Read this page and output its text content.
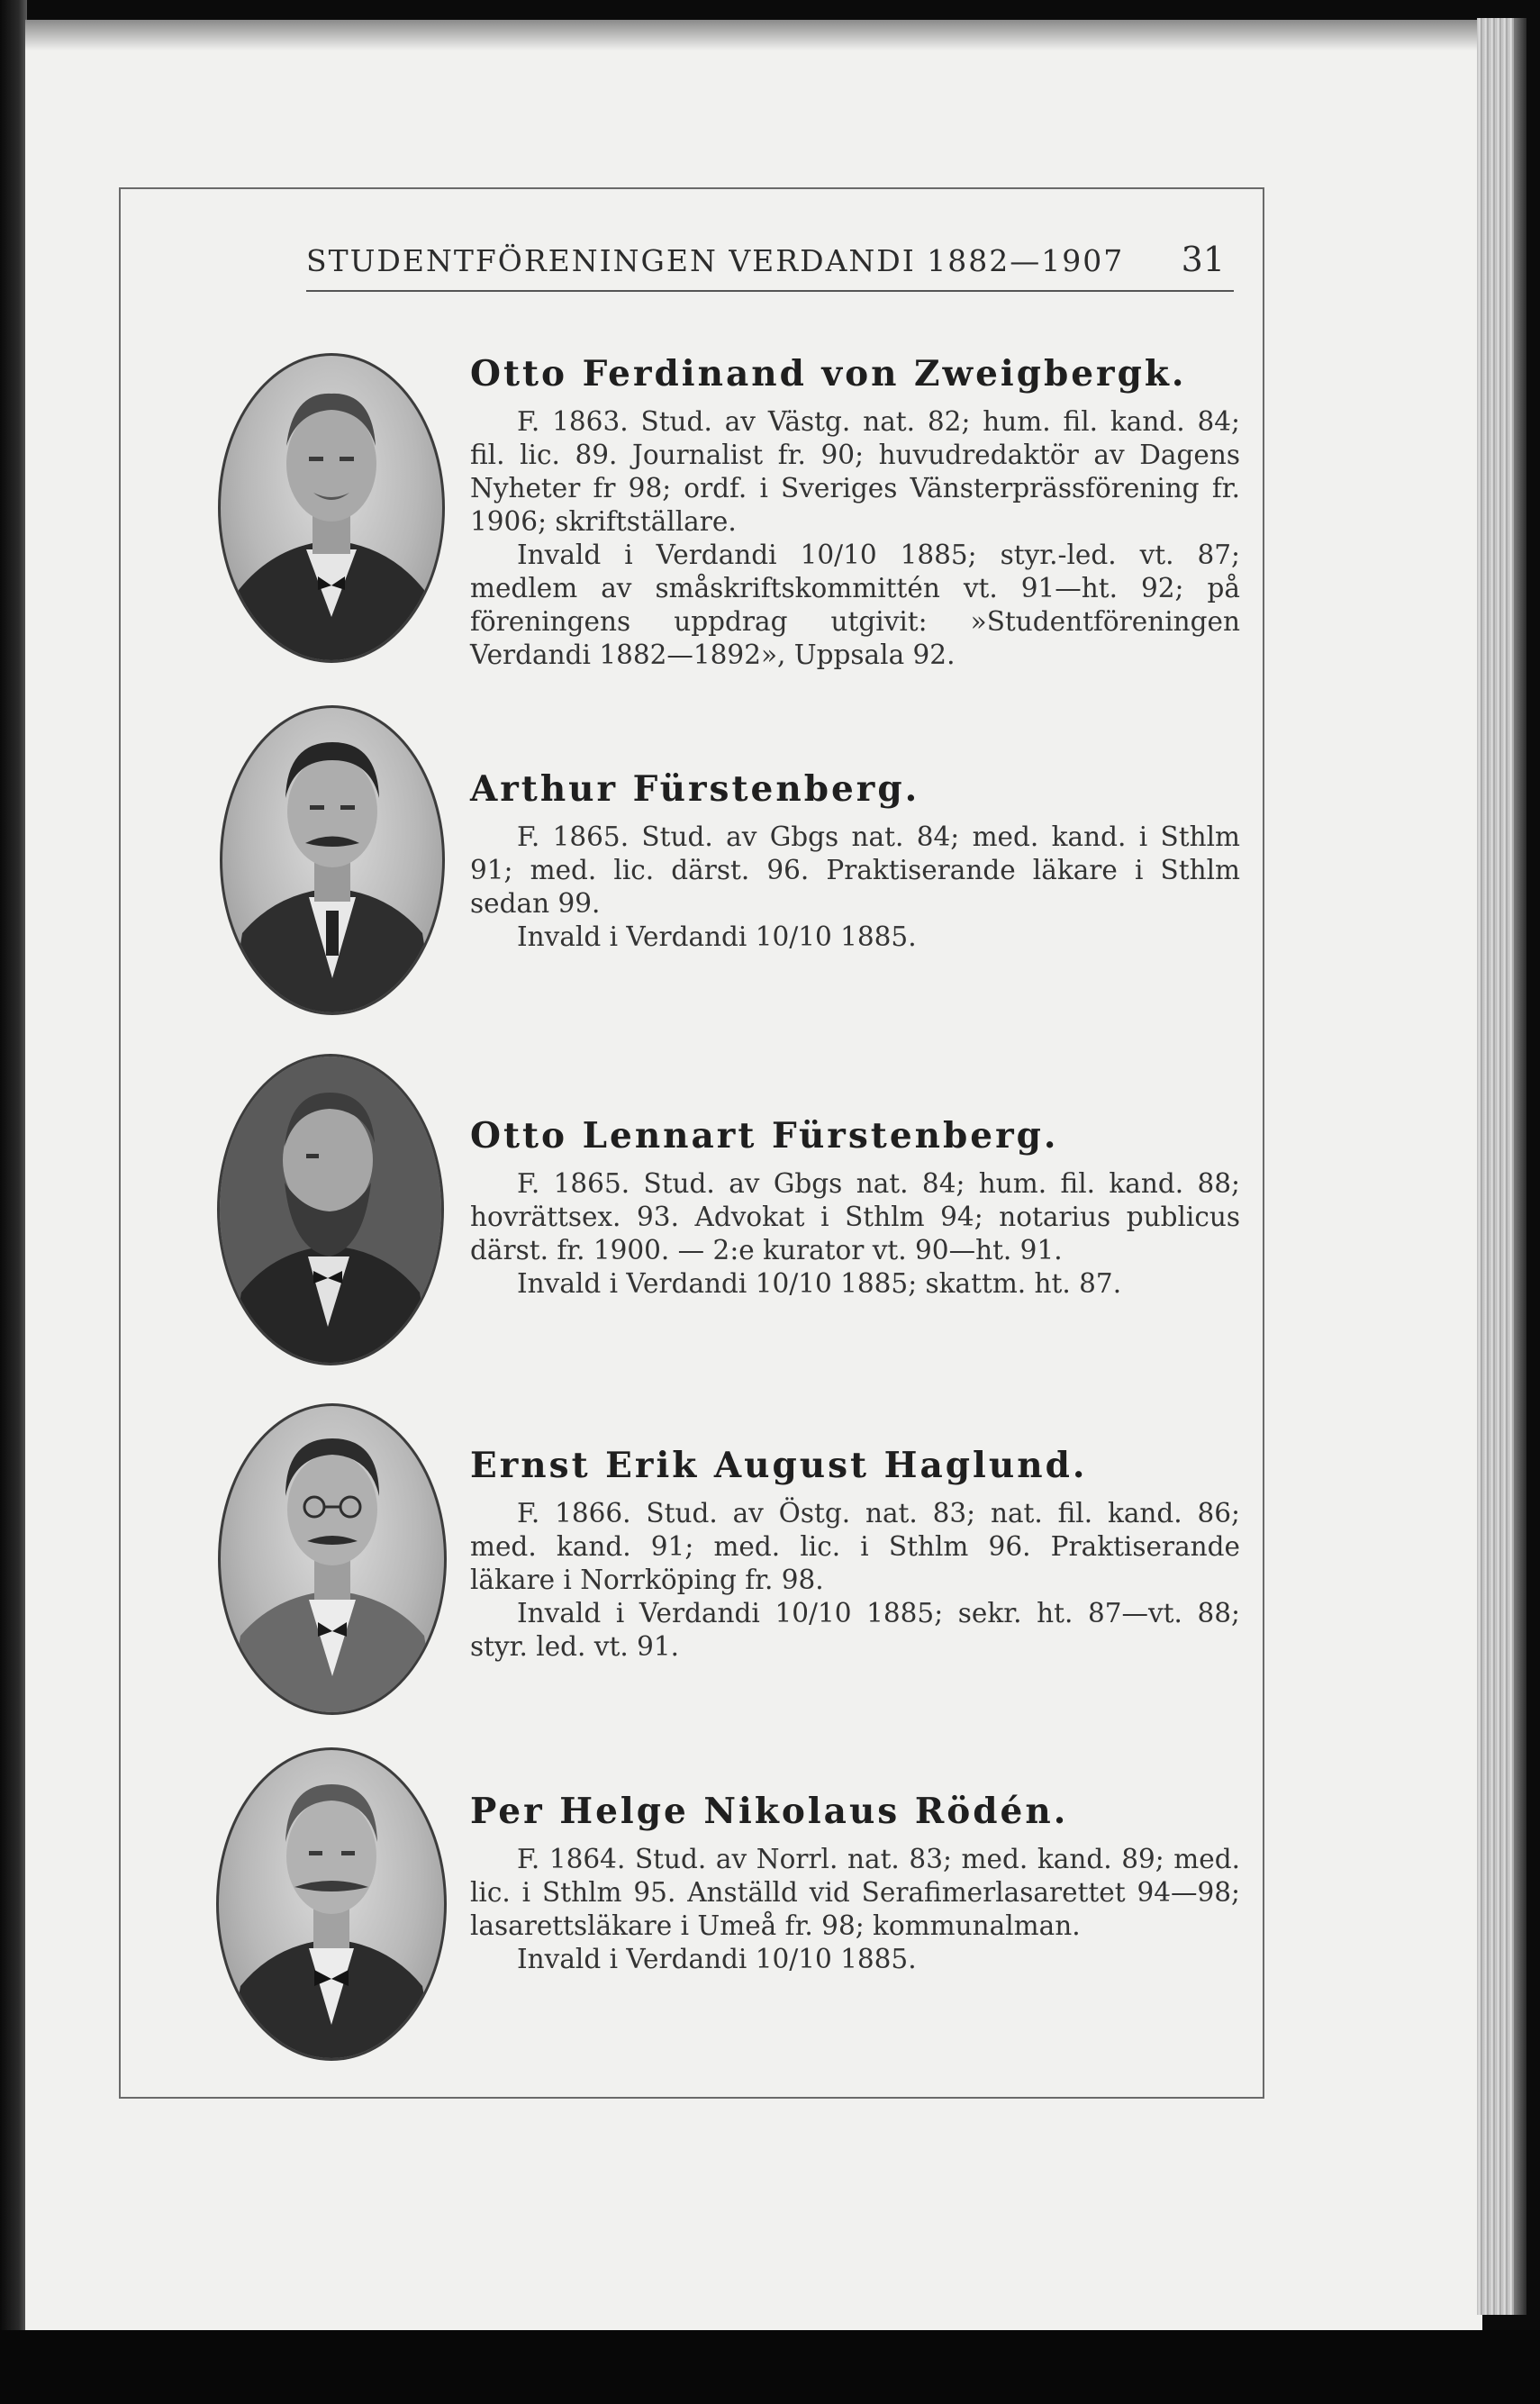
STUDENTFÖRENINGEN VERDANDI 1882—1907 31
Otto Ferdinand von Zweigbergk.

F. 1863. Stud. av Västg. nat. 82; hum. fil. kand. 84; fil. lic. 89. Journalist fr. 90; huvudredaktör av Dagens Nyheter fr 98; ordf. i Sveriges Vänsterprässförening fr. 1906; skriftställare.

Invald i Verdandi 10/10 1885; styr.-led. vt. 87; medlem av småskriftskommittén vt. 91—ht. 92; på föreningens uppdrag utgivit: »Studentföreningen Verdandi 1882—1892», Uppsala 92.

Arthur Fürstenberg.

F. 1865. Stud. av Gbgs nat. 84; med. kand. i Sthlm 91; med. lic. därst. 96. Praktiserande läkare i Sthlm sedan 99.

Invald i Verdandi 10/10 1885.

Otto Lennart Fürstenberg.

F. 1865. Stud. av Gbgs nat. 84; hum. fil. kand. 88; hovrättsex. 93. Advokat i Sthlm 94; notarius publicus därst. fr. 1900. — 2:e kurator vt. 90—ht. 91.

Invald i Verdandi 10/10 1885; skattm. ht. 87.

Ernst Erik August Haglund.

F. 1866. Stud. av Östg. nat. 83; nat. fil. kand. 86; med. kand. 91; med. lic. i Sthlm 96. Praktiserande läkare i Norrköping fr. 98.

Invald i Verdandi 10/10 1885; sekr. ht. 87—vt. 88; styr. led. vt. 91.

Per Helge Nikolaus Rödén.

F. 1864. Stud. av Norrl. nat. 83; med. kand. 89; med. lic. i Sthlm 95. Anställd vid Serafimerlasarettet 94—98; lasarettsläkare i Umeå fr. 98; kommunalman.

Invald i Verdandi 10/10 1885.
